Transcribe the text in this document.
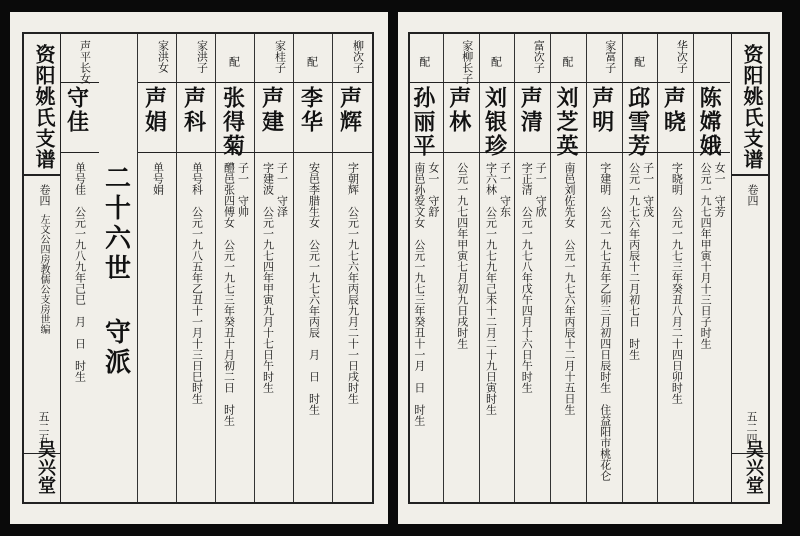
资阳姚氏支谱
卷四
左文公四房教儒公支房世编
五二五
吴兴堂
柳次子
声辉
字朝辉　公元一九七六年丙辰九月二十一日戌时生
配
李华
安邑李腊生女　公元一九七六年丙辰　月　日　时生
家桂子
声建
字建波　公元一九七四年甲寅九月十七日午时生 子一　守泽
配
张得菊
醴邑张四傅女　公元一九七三年癸丑十月初二日　时生 子一　守帅
家洪子
声科
单号科　公元一九八五年乙丑十一月十三日巳时生
家洪女
声娟
单号娟
二十六世 守派
声平长女
守佳
单号佳　公元一九八九年己巳　月　日　时生
陈嫦娥
公元一九七四年甲寅十月十三日子时生 女一　守芳
华次子
声晓
字晓明　公元一九七三年癸丑八月二十四日卯时生
配
邱雪芳
公元一九七六年丙辰十二月初七日　时生 子一　守茂
家富子
声明
字建明　公元一九七五年乙卯三月初四日辰时生　住益阳市桃花仑
配
刘芝英
南邑刘佐先女　公元一九七六年丙辰十二月十五日生
富次子
声清
字正清　公元一九七八年戊午四月十六日午时生 子一　守欣
配
刘银珍
字六林　公元一九七九年己未十二月二十九日寅时生 子一　守东
家柳长子
声林
公元一九七四年甲寅七月初九日戌时生
配
孙丽平
南邑孙爱文女　公元一九七三年癸丑十一月　日　时生 女一　守舒
资阳姚氏支谱
卷四
五二四
吴兴堂
